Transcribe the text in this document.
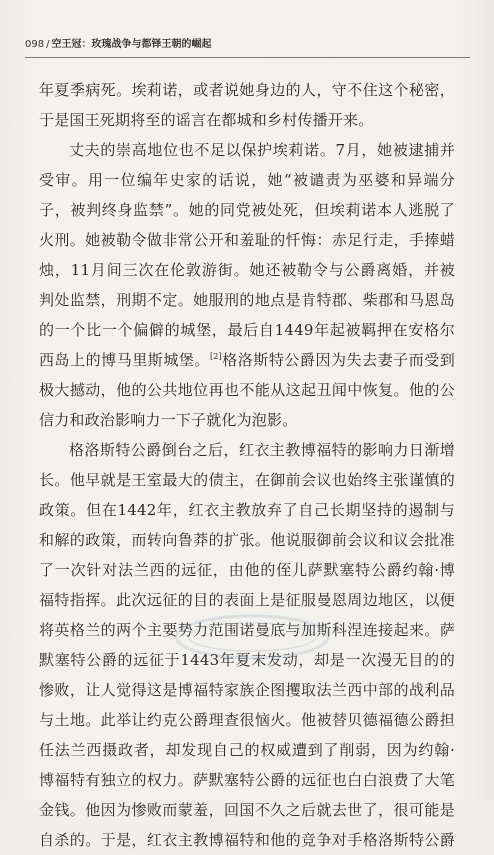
098 / 空王冠：玫瑰战争与都铎王朝的崛起
年夏季病死。埃莉诺，或者说她身边的人，守不住这个秘密，
于是国王死期将至的谣言在都城和乡村传播开来。
丈夫的崇高地位也不足以保护埃莉诺。7月，她被逮捕并
受审。用一位编年史家的话说，她“被谴责为巫婆和异端分
子，被判终身监禁”。她的同党被处死，但埃莉诺本人逃脱了
火刑。她被勒令做非常公开和羞耻的忏悔：赤足行走，手捧蜡
烛，11月间三次在伦敦游街。她还被勒令与公爵离婚，并被
判处监禁，刑期不定。她服刑的地点是肯特郡、柴郡和马恩岛
的一个比一个偏僻的城堡，最后自1449年起被羁押在安格尔
西岛上的博马里斯城堡。[2]格洛斯特公爵因为失去妻子而受到
极大撼动，他的公共地位再也不能从这起丑闻中恢复。他的公
信力和政治影响力一下子就化为泡影。
格洛斯特公爵倒台之后，红衣主教博福特的影响力日渐增
长。他早就是王室最大的债主，在御前会议也始终主张谨慎的
政策。但在1442年，红衣主教放弃了自己长期坚持的遏制与
和解的政策，而转向鲁莽的扩张。他说服御前会议和议会批准
了一次针对法兰西的远征，由他的侄儿萨默塞特公爵约翰·博
福特指挥。此次远征的目的表面上是征服曼恩周边地区，以便
将英格兰的两个主要势力范围诺曼底与加斯科涅连接起来。萨
默塞特公爵的远征于1443年夏末发动，却是一次漫无目的的
惨败，让人觉得这是博福特家族企图攫取法兰西中部的战利品
与土地。此举让约克公爵理查很恼火。他被替贝德福德公爵担
任法兰西摄政者，却发现自己的权威遭到了削弱，因为约翰·
博福特有独立的权力。萨默塞特公爵的远征也白白浪费了大笔
金钱。他因为惨败而蒙羞，回国不久之后就去世了，很可能是
自杀的。于是，红衣主教博福特和他的竞争对手格洛斯特公爵
